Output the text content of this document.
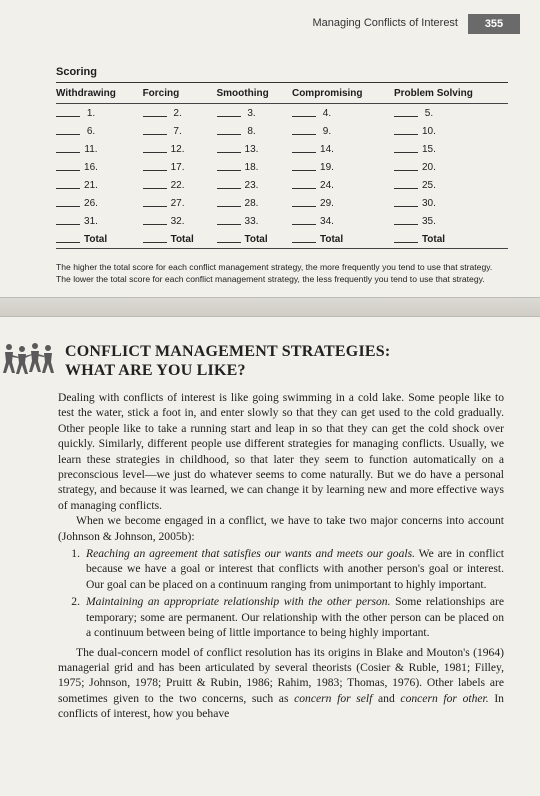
Managing Conflicts of Interest	355
Scoring
Withdrawing	Forcing	Smoothing	Compromising	Problem Solving
1.	2.	3.	4.	5.
6.	7.	8.	9.	10.
11.	12.	13.	14.	15.
16.	17.	18.	19.	20.
21.	22.	23.	24.	25.
26.	27.	28.	29.	30.
31.	32.	33.	34.	35.
Total	Total	Total	Total	Total
The higher the total score for each conflict management strategy, the more frequently you tend to use that strategy. The lower the total score for each conflict management strategy, the less frequently you tend to use that strategy.
CONFLICT MANAGEMENT STRATEGIES:
WHAT ARE YOU LIKE?

Dealing with conflicts of interest is like going swimming in a cold lake. Some people like to test the water, stick a foot in, and enter slowly so that they can get used to the cold gradually. Other people like to take a running start and leap in so that they can get the cold shock over quickly. Similarly, different people use different strategies for managing conflicts. Usually, we learn these strategies in childhood, so that later they seem to function automatically on a preconscious level—we just do whatever seems to come naturally. But we do have a personal strategy, and because it was learned, we can change it by learning new and more effective ways of managing conflicts.

When we become engaged in a conflict, we have to take two major concerns into account (Johnson & Johnson, 2005b):

1. Reaching an agreement that satisfies our wants and meets our goals. We are in conflict because we have a goal or interest that conflicts with another person's goal or interest. Our goal can be placed on a continuum ranging from unimportant to highly important.
2. Maintaining an appropriate relationship with the other person. Some relationships are temporary; some are permanent. Our relationship with the other person can be placed on a continuum between being of little importance to being highly important.

The dual-concern model of conflict resolution has its origins in Blake and Mouton's (1964) managerial grid and has been articulated by several theorists (Cosier & Ruble, 1981; Filley, 1975; Johnson, 1978; Pruitt & Rubin, 1986; Rahim, 1983; Thomas, 1976). Other labels are sometimes given to the two concerns, such as concern for self and concern for other. In conflicts of interest, how you behave
